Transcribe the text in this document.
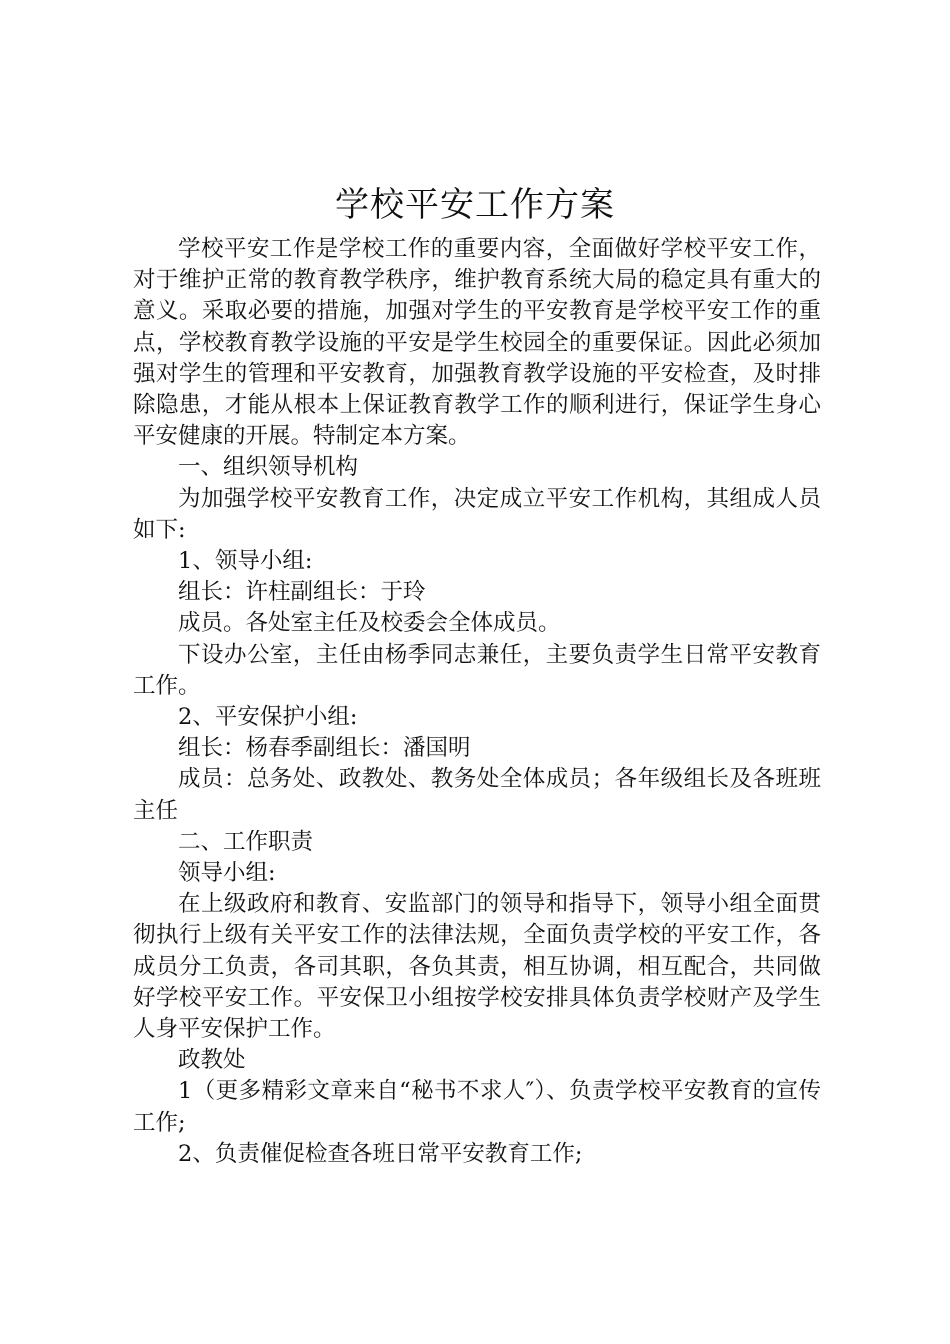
学校平安工作方案

学校平安工作是学校工作的重要内容，全面做好学校平安工作，对于维护正常的教育教学秩序，维护教育系统大局的稳定具有重大的意义。采取必要的措施，加强对学生的平安教育是学校平安工作的重点，学校教育教学设施的平安是学生校园全的重要保证。因此必须加强对学生的管理和平安教育，加强教育教学设施的平安检查，及时排除隐患，才能从根本上保证教育教学工作的顺利进行，保证学生身心平安健康的开展。特制定本方案。

一、组织领导机构

为加强学校平安教育工作，决定成立平安工作机构，其组成人员如下:

1、领导小组:

组长：许柱副组长：于玲

成员。各处室主任及校委会全体成员。

下设办公室，主任由杨季同志兼任，主要负责学生日常平安教育工作。

2、平安保护小组:

组长：杨春季副组长：潘国明

成员：总务处、政教处、教务处全体成员；各年级组长及各班班主任

二、工作职责

领导小组:

在上级政府和教育、安监部门的领导和指导下，领导小组全面贯彻执行上级有关平安工作的法律法规，全面负责学校的平安工作，各成员分工负责，各司其职，各负其责，相互协调，相互配合，共同做好学校平安工作。平安保卫小组按学校安排具体负责学校财产及学生人身平安保护工作。

政教处

1（更多精彩文章来自“秘书不求人″）、负责学校平安教育的宣传工作;

2、负责催促检查各班日常平安教育工作;
